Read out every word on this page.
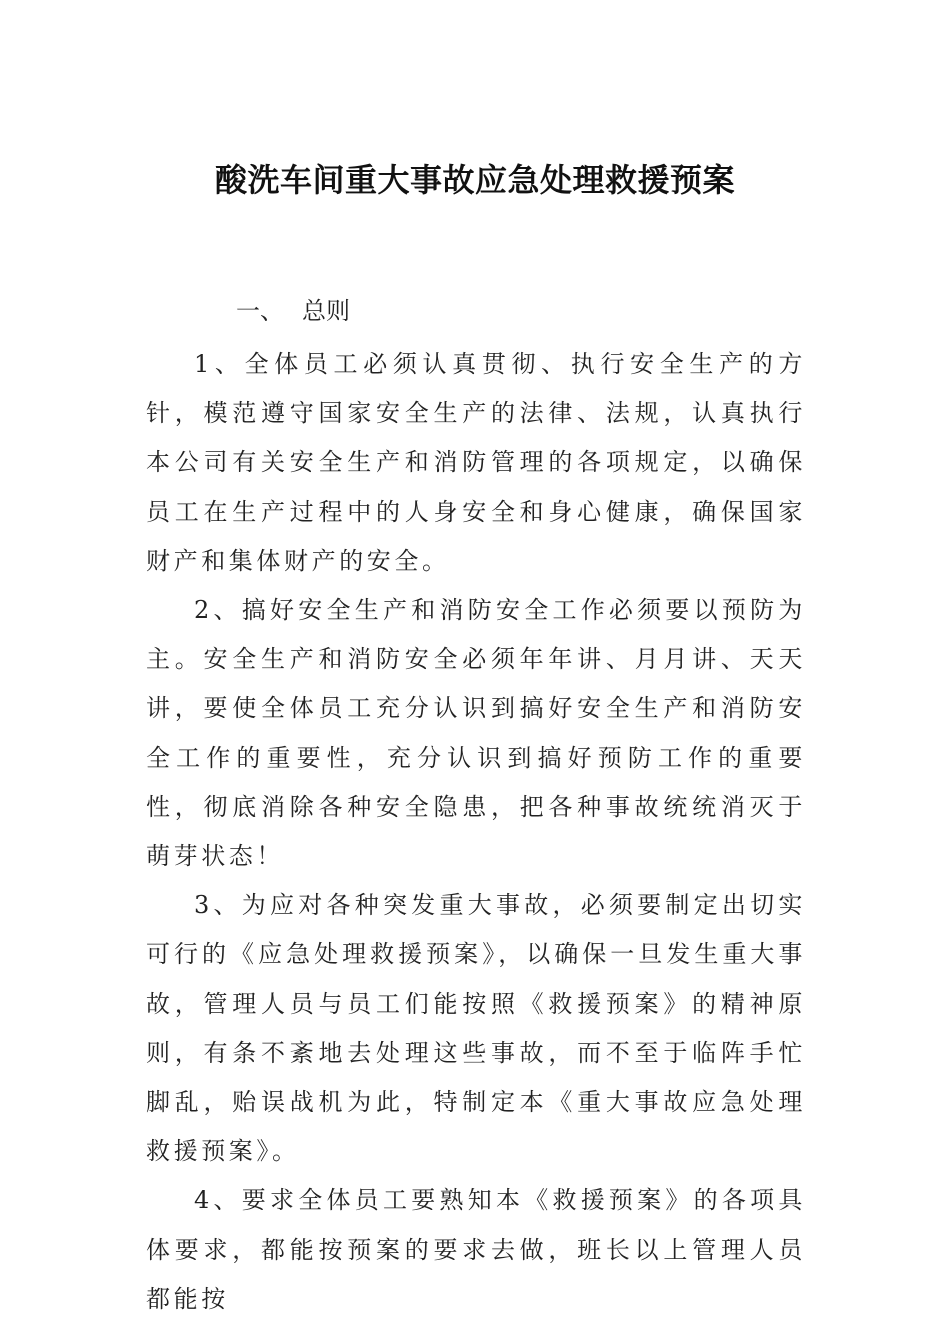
酸洗车间重大事故应急处理救援预案
一、 总则

1、全体员工必须认真贯彻、执行安全生产的方针，模范遵守国家安全生产的法律、法规，认真执行本公司有关安全生产和消防管理的各项规定，以确保员工在生产过程中的人身安全和身心健康，确保国家财产和集体财产的安全。

2、搞好安全生产和消防安全工作必须要以预防为主。安全生产和消防安全必须年年讲、月月讲、天天讲，要使全体员工充分认识到搞好安全生产和消防安全工作的重要性，充分认识到搞好预防工作的重要性，彻底消除各种安全隐患，把各种事故统统消灭于萌芽状态！

3、为应对各种突发重大事故，必须要制定出切实可行的《应急处理救援预案》，以确保一旦发生重大事故，管理人员与员工们能按照《救援预案》的精神原则，有条不紊地去处理这些事故，而不至于临阵手忙脚乱，贻误战机为此，特制定本《重大事故应急处理救援预案》。

4、要求全体员工要熟知本《救援预案》的各项具体要求，都能按预案的要求去做，班长以上管理人员都能按
